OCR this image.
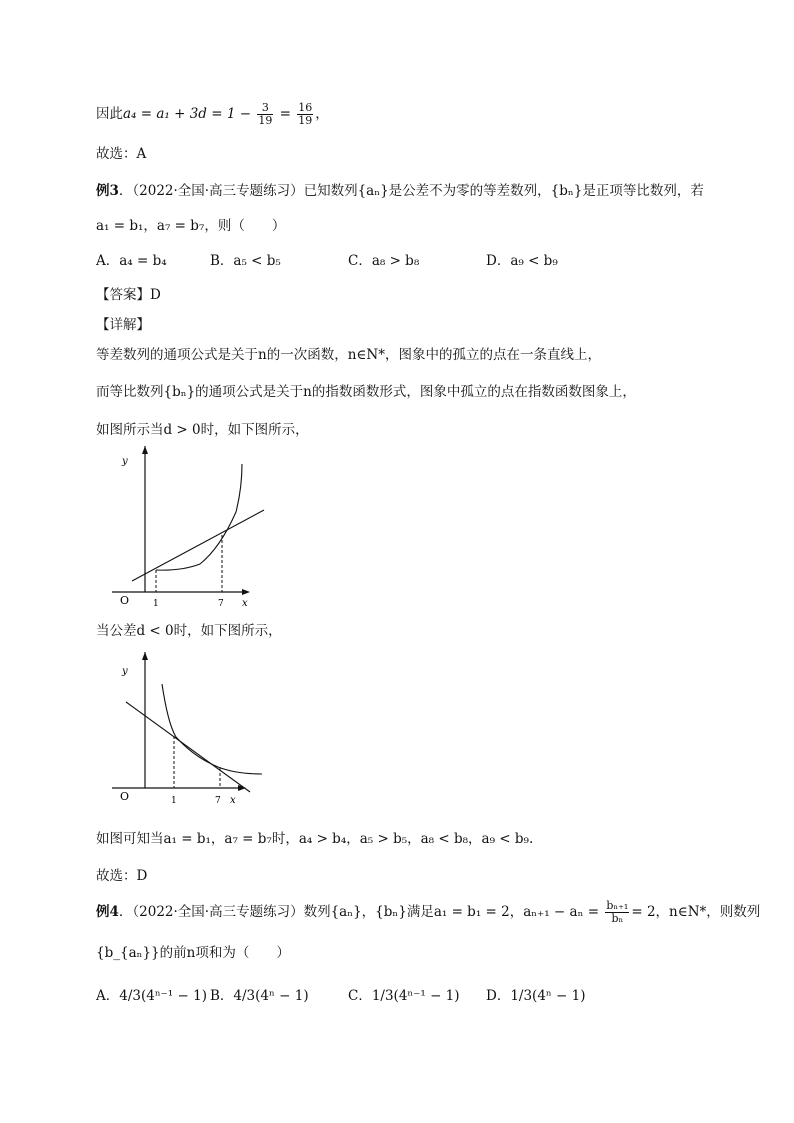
因此$a_4 = a_1 + 3d = 1 - \frac{3}{19} = \frac{16}{19}$ ，
故选：A
例3．（2022·全国·高三专题练习）已知数列{aₙ}是公差不为零的等差数列，{bₙ}是正项等比数列，若
a₁ = b₁，a₇ = b₇，则（　　）
A．a₄ = b₄	B．a₅ < b₅	C．a₈ > b₈	D．a₉ < b₉
【答案】D
【详解】
等差数列的通项公式是关于n的一次函数，n∈N*，图象中的孤立的点在一条直线上，
而等比数列{bₙ}的通项公式是关于n的指数函数形式，图象中孤立的点在指数函数图象上，
如图所示当d > 0时，如下图所示，
y
x
O	1	7
当公差d < 0时，如下图所示，
y
x
O	1	7
如图可知当a₁ = b₁，a₇ = b₇时，a₄ > b₄，a₅ > b₅，a₈ < b₈，a₉ < b₉.
故选：D
例4．（2022·全国·高三专题练习）数列{aₙ}，{bₙ}满足a₁ = b₁ = 2，$a_{n+1} - a_n = \frac{\text{bₙ₊₁}}{\text{bₙ}} = 2$，n∈N*，则数列
{b_{aₙ}}的前n项和为（　　）
A．4/3(4ⁿ⁻¹ − 1) B．4/3(4ⁿ − 1)	C．1/3(4ⁿ⁻¹ − 1) D．1/3(4ⁿ − 1)
